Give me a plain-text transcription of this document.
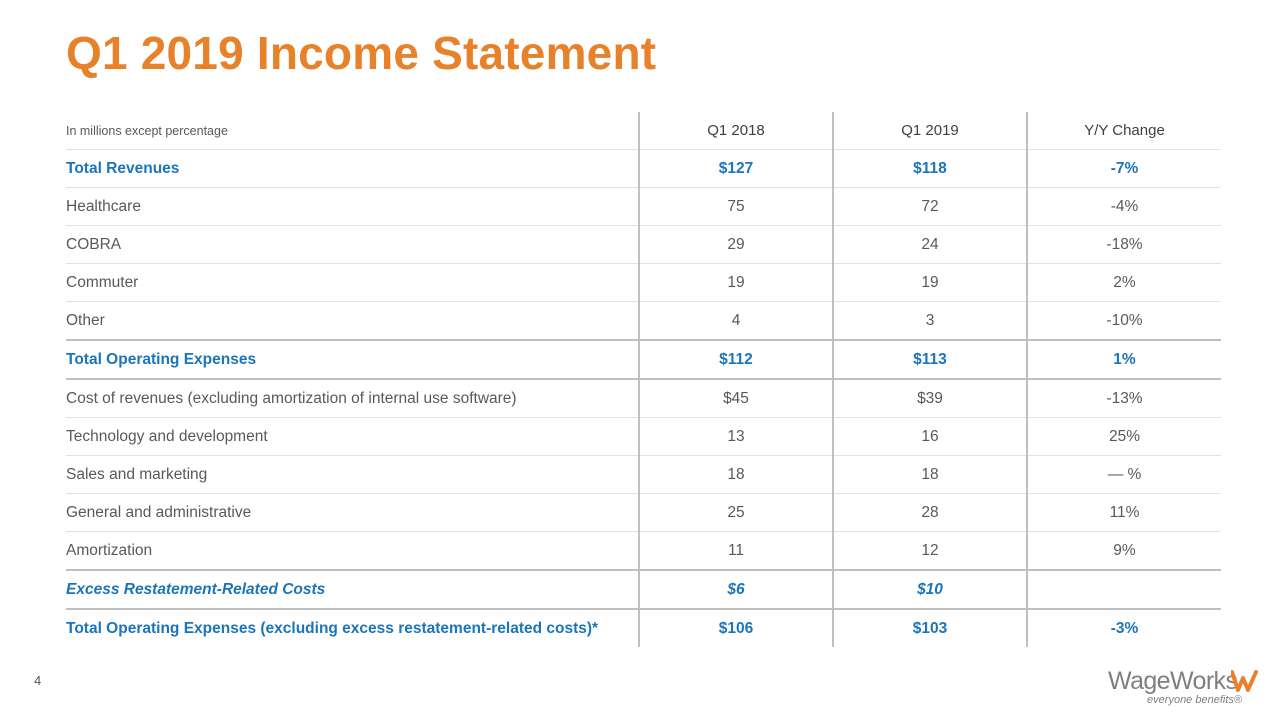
Q1 2019 Income Statement
In millions except percentage	Q1 2018	Q1 2019	Y/Y Change
Total Revenues	$127	$118	-7%
Healthcare	75	72	-4%
COBRA	29	24	-18%
Commuter	19	19	2%
Other	4	3	-10%
Total Operating Expenses	$112	$113	1%
Cost of revenues (excluding amortization of internal use software)	$45	$39	-13%
Technology and development	13	16	25%
Sales and marketing	18	18	— %
General and administrative	25	28	11%
Amortization	11	12	9%
Excess Restatement-Related Costs	$6	$10	
Total Operating Expenses (excluding excess restatement-related costs)*	$106	$103	-3%
4	WageWorks
everyone benefits®
